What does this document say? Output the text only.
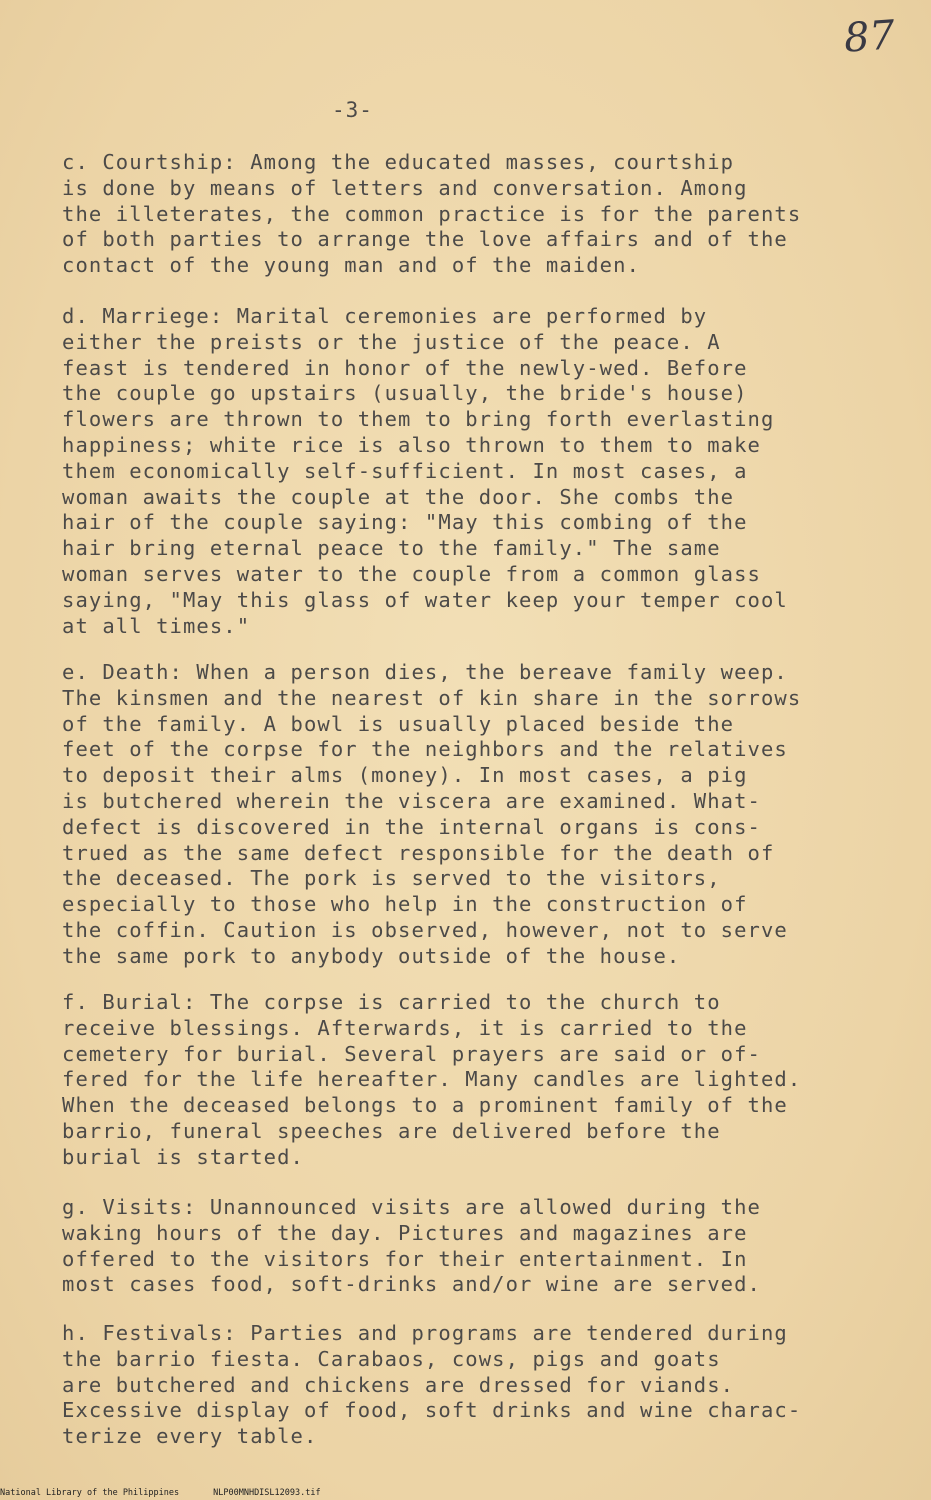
87
-3-
c. Courtship: Among the educated masses, courtship
is done by means of letters and conversation. Among
the illeterates, the common practice is for the parents
of both parties to arrange the love affairs and of the
contact of the young man and of the maiden.
d. Marriege: Marital ceremonies are performed by
either the preists or the justice of the peace. A
feast is tendered in honor of the newly-wed. Before
the couple go upstairs (usually, the bride's house)
flowers are thrown to them to bring forth everlasting
happiness; white rice is also thrown to them to make
them economically self-sufficient. In most cases, a
woman awaits the couple at the door. She combs the
hair of the couple saying: "May this combing of the
hair bring eternal peace to the family." The same
woman serves water to the couple from a common glass
saying, "May this glass of water keep your temper cool
at all times."
e. Death: When a person dies, the bereave family weep.
The kinsmen and the nearest of kin share in the sorrows
of the family. A bowl is usually placed beside the
feet of the corpse for the neighbors and the relatives
to deposit their alms (money). In most cases, a pig
is butchered wherein the viscera are examined. What-
defect is discovered in the internal organs is cons-
trued as the same defect responsible for the death of
the deceased. The pork is served to the visitors,
especially to those who help in the construction of
the coffin. Caution is observed, however, not to serve
the same pork to anybody outside of the house.
f. Burial: The corpse is carried to the church to
receive blessings. Afterwards, it is carried to the
cemetery for burial. Several prayers are said or of-
fered for the life hereafter. Many candles are lighted.
When the deceased belongs to a prominent family of the
barrio, funeral speeches are delivered before the
burial is started.
g. Visits: Unannounced visits are allowed during the
waking hours of the day. Pictures and magazines are
offered to the visitors for their entertainment. In
most cases food, soft-drinks and/or wine are served.
h. Festivals: Parties and programs are tendered during
the barrio fiesta. Carabaos, cows, pigs and goats
are butchered and chickens are dressed for viands.
Excessive display of food, soft drinks and wine charac-
terize every table.
National Library of the Philippines	NLP00MNHDISL12093.tif
